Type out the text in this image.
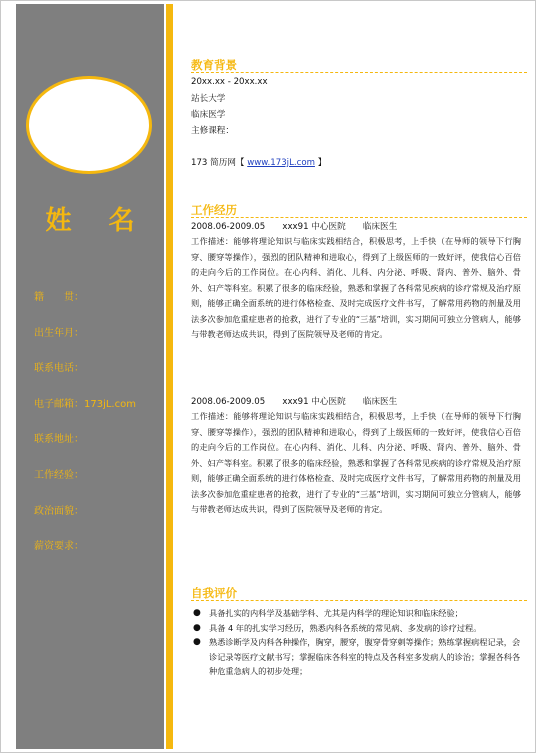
姓 名
籍　　贯：
出生年月：
联系电话：
电子邮箱：173jL.com
联系地址：
工作经验：
政治面貌：
薪资要求：
教育背景
20xx.xx - 20xx.xx
站长大学
临床医学
主修课程：
173 简历网【 www.173jL.com 】
工作经历
2008.06-2009.05　　xxx91 中心医院　　临床医生
工作描述：能够将理论知识与临床实践相结合，积极思考，上手快（在导师的领导下行胸穿、腰穿等操作），强烈的团队精神和进取心，得到了上级医师的一致好评，使我信心百倍的走向今后的工作岗位。在心内科、消化、儿科、内分泌、呼吸、肾内、普外、脑外、骨外、妇产等科室。积累了很多的临床经验，熟悉和掌握了各科常见疾病的诊疗常规及治疗原则，能够正确全面系统的进行体格检查、及时完成医疗文件书写，了解常用药物的剂量及用法多次参加危重症患者的抢救，进行了专业的“三基”培训，实习期间可独立分管病人，能够与带教老师达成共识，得到了医院领导及老师的肯定。
2008.06-2009.05　　xxx91 中心医院　　临床医生
工作描述：能够将理论知识与临床实践相结合，积极思考，上手快（在导师的领导下行胸穿、腰穿等操作），强烈的团队精神和进取心，得到了上级医师的一致好评，使我信心百倍的走向今后的工作岗位。在心内科、消化、儿科、内分泌、呼吸、肾内、普外、脑外、骨外、妇产等科室。积累了很多的临床经验，熟悉和掌握了各科常见疾病的诊疗常规及治疗原则，能够正确全面系统的进行体格检查、及时完成医疗文件书写，了解常用药物的剂量及用法多次参加危重症患者的抢救，进行了专业的“三基”培训，实习期间可独立分管病人，能够与带教老师达成共识，得到了医院领导及老师的肯定。
自我评价
● 具备扎实的内科学及基础学科、尤其是内科学的理论知识和临床经验；
● 具备 4 年的扎实学习经历，熟悉内科各系统的常见病、多发病的诊疗过程。
● 熟悉诊断学及内科各种操作，胸穿，腰穿，腹穿骨穿刺等操作；熟练掌握病程记录，会诊记录等医疗文献书写；掌握临床各科室的特点及各科室多发病人的诊治；掌握各科各种危重急病人的初步处理；
